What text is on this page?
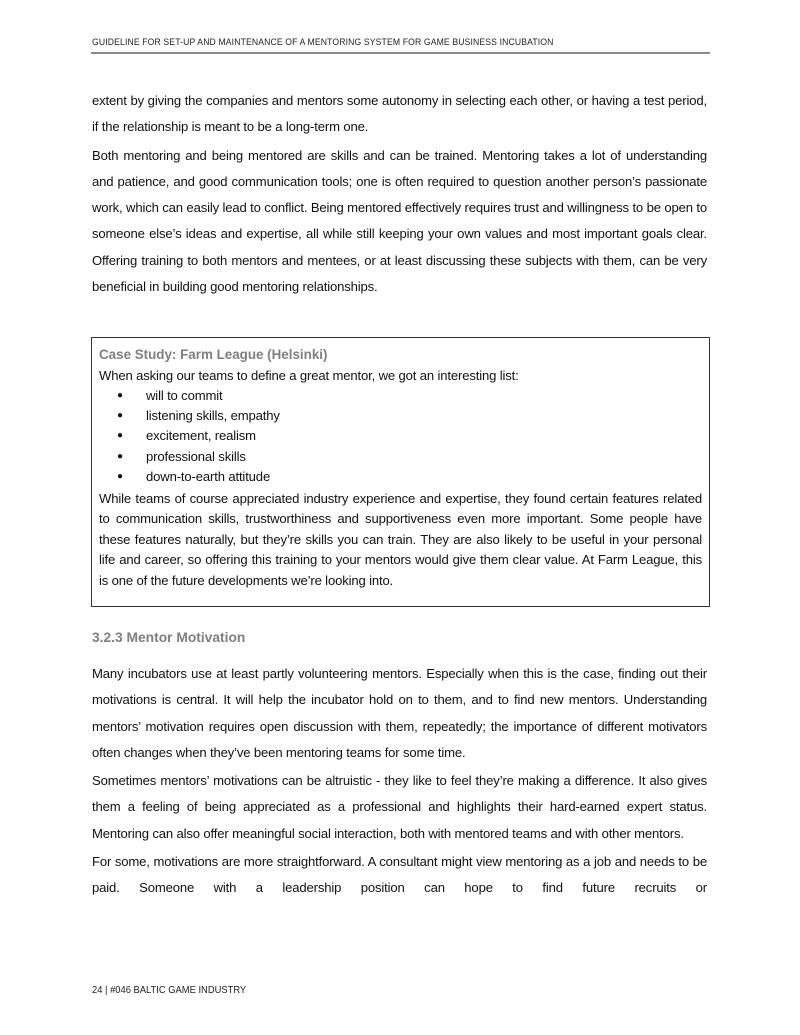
GUIDELINE FOR SET-UP AND MAINTENANCE OF A MENTORING SYSTEM FOR GAME BUSINESS INCUBATION

extent by giving the companies and mentors some autonomy in selecting each other, or having a test period, if the relationship is meant to be a long-term one.

Both mentoring and being mentored are skills and can be trained. Mentoring takes a lot of understanding and patience, and good communication tools; one is often required to question another person’s passionate work, which can easily lead to conflict. Being mentored effectively requires trust and willingness to be open to someone else’s ideas and expertise, all while still keeping your own values and most important goals clear. Offering training to both mentors and mentees, or at least discussing these subjects with them, can be very beneficial in building good mentoring relationships.

Case Study: Farm League (Helsinki)

When asking our teams to define a great mentor, we got an interesting list:

● will to commit
● listening skills, empathy
● excitement, realism
● professional skills
● down-to-earth attitude

While teams of course appreciated industry experience and expertise, they found certain features related to communication skills, trustworthiness and supportiveness even more important. Some people have these features naturally, but they’re skills you can train. They are also likely to be useful in your personal life and career, so offering this training to your mentors would give them clear value. At Farm League, this is one of the future developments we’re looking into.

3.2.3 Mentor Motivation

Many incubators use at least partly volunteering mentors. Especially when this is the case, finding out their motivations is central. It will help the incubator hold on to them, and to find new mentors. Understanding mentors’ motivation requires open discussion with them, repeatedly; the importance of different motivators often changes when they’ve been mentoring teams for some time.

Sometimes mentors’ motivations can be altruistic - they like to feel they’re making a difference. It also gives them a feeling of being appreciated as a professional and highlights their hard-earned expert status. Mentoring can also offer meaningful social interaction, both with mentored teams and with other mentors.

For some, motivations are more straightforward. A consultant might view mentoring as a job and needs to be paid. Someone with a leadership position can hope to find future recruits or

24 | #046 BALTIC GAME INDUSTRY
